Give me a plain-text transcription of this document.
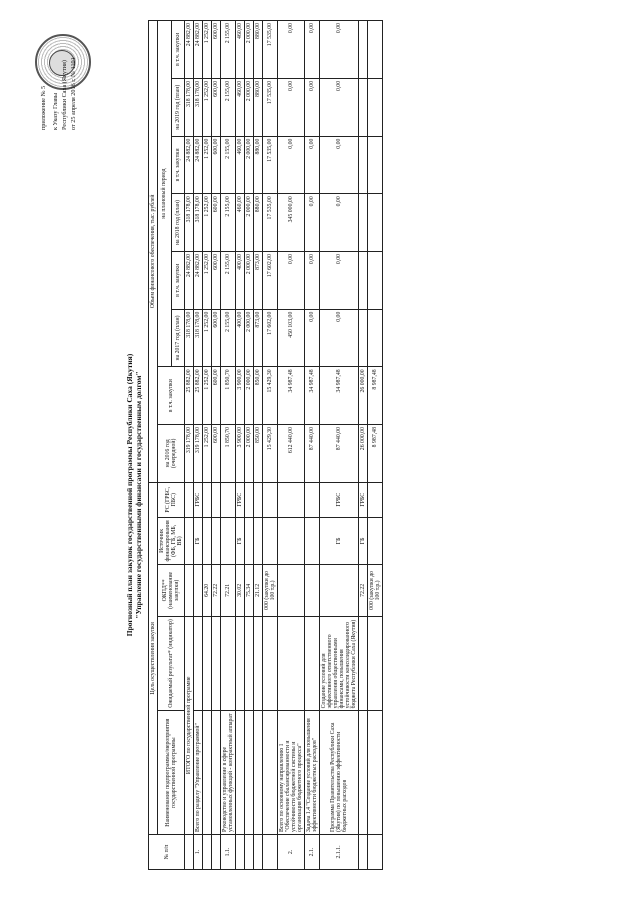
приложение № 5 к Указу Главы Республики Саха (Якутия) от 25 апреля 2016 г. № 1101
Прогнозный план закупок государственной программы Республики Саха (Якутия) "Управление государственными финансами и государственным долгом"
№ п/п	Цель осуществления закупки					Объем финансового обеспечения, тыс. рублей							
	Наименование подпрограммы/мероприятия государственной программы	Ожидаемый результат* (индикатор)	ОКПД** (наименование закупки)	Источник финансирования (ФБ, ГБ, МБ, ВБ)	РС (ГРБС, ПБС)	на 2016 год (очередной)	в т.ч. закупки	на плановый период					
								на 2017 год (план)	в т.ч. закупки	на 2018 год (план)	в т.ч. закупки	на 2019 год (план)	в т.ч. закупки
	ИТОГО по государственной программе					319 178,00	25 882,00	318 178,00	24 882,00	318 178,00	24 882,00	318 178,00	24 882,00
1.	Всего по разделу "Управление программой"			ГБ	ГРБС	319 178,00	25 882,00	318 178,00	24 882,00	318 178,00	24 882,00	318 178,00	24 882,00
			64.20			1 252,00	1 252,00	1 252,00	1 252,00	1 252,00	1 252,00	1 252,00	1 252,00
			72.22			600,00	600,00	600,00	600,00	600,00	600,00	600,00	600,00
1.1.	Руководство и управление в сфере установленных функций - контрактный аппарат		72.21			1 850,70	1 850,70	2 155,00	2 155,00	2 155,00	2 155,00	2 155,00	2 155,00
			30.02	ГБ	ГРБС	3 900,00	3 900,00	400,00	400,00	460,00	460,00	460,00	460,00
			75.34			2 000,00	2 000,00	2 000,00	2 000,00	2 000,00	2 000,00	2 000,00	2 000,00
			21.12			850,00	850,00	873,00	873,00	880,00	880,00	880,00	880,00
			000 (закупки до 100 т.р.)			15 429,30	15 429,30	17 602,00	17 602,00	17 535,00	17 535,00	17 535,00	17 535,00
2.	Всего по основному направлению 1 "Обеспечение сбалансированности и устойчивости бюджетной системы и организация бюджетного процесса"					612 440,00	34 987,48	450 103,00	0,00	345 000,00	0,00	0,00	0,00
2.1.	Задача 1.4 "Создание условий для повышения эффективности бюджетных расходов"					87 440,00	34 987,48	0,00	0,00	0,00	0,00	0,00	0,00
2.1.1.	Программа Правительства Республики Саха (Якутия) по повышению эффективности бюджетных расходов	Создание условий для эффективного ответственного управления общественными финансами, повышения устойчивости консолидированного бюджета Республики Саха (Якутия)		ГБ	ГРБС	87 440,00	34 987,48	0,00	0,00	0,00	0,00	0,00	0,00
			72.22	ГБ	ГРБС	26 000,00	26 000,00						
			000 (закупки до 100 т.р.)			8 987,48	8 987,48						
